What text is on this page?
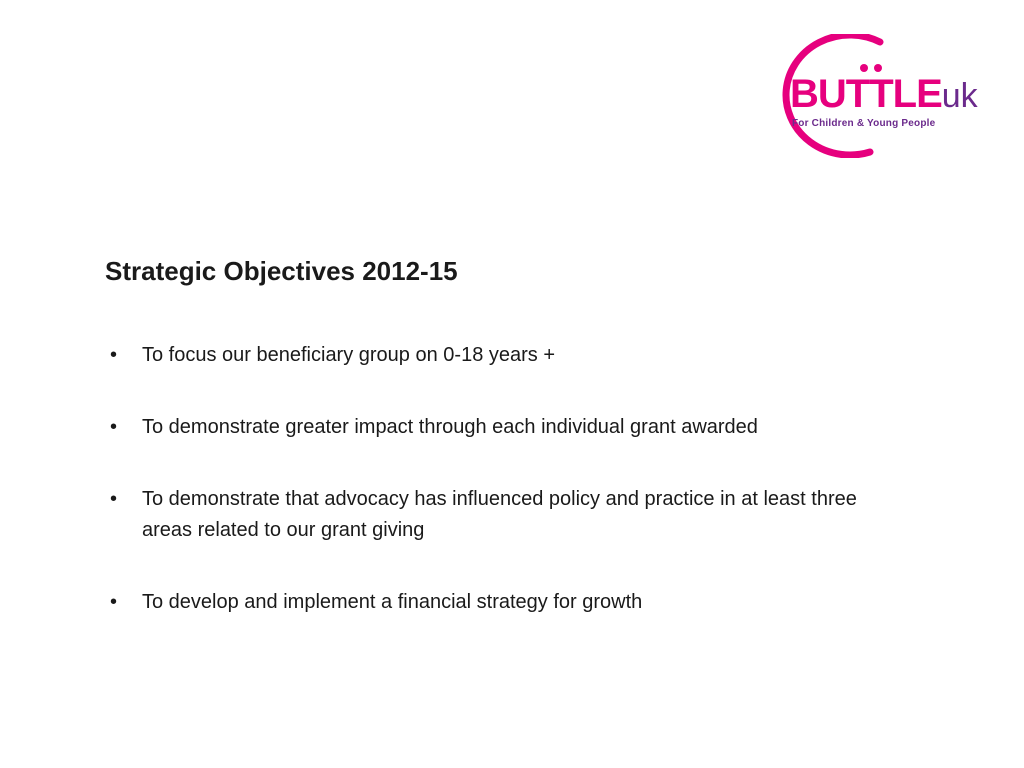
BUTTLEuk
For Children & Young People
Strategic Objectives 2012-15
• To focus our beneficiary group on 0-18 years +
• To demonstrate greater impact through each individual grant awarded
• To demonstrate that advocacy has influenced policy and practice in at least three areas related to our grant giving
• To develop and implement a financial strategy for growth
